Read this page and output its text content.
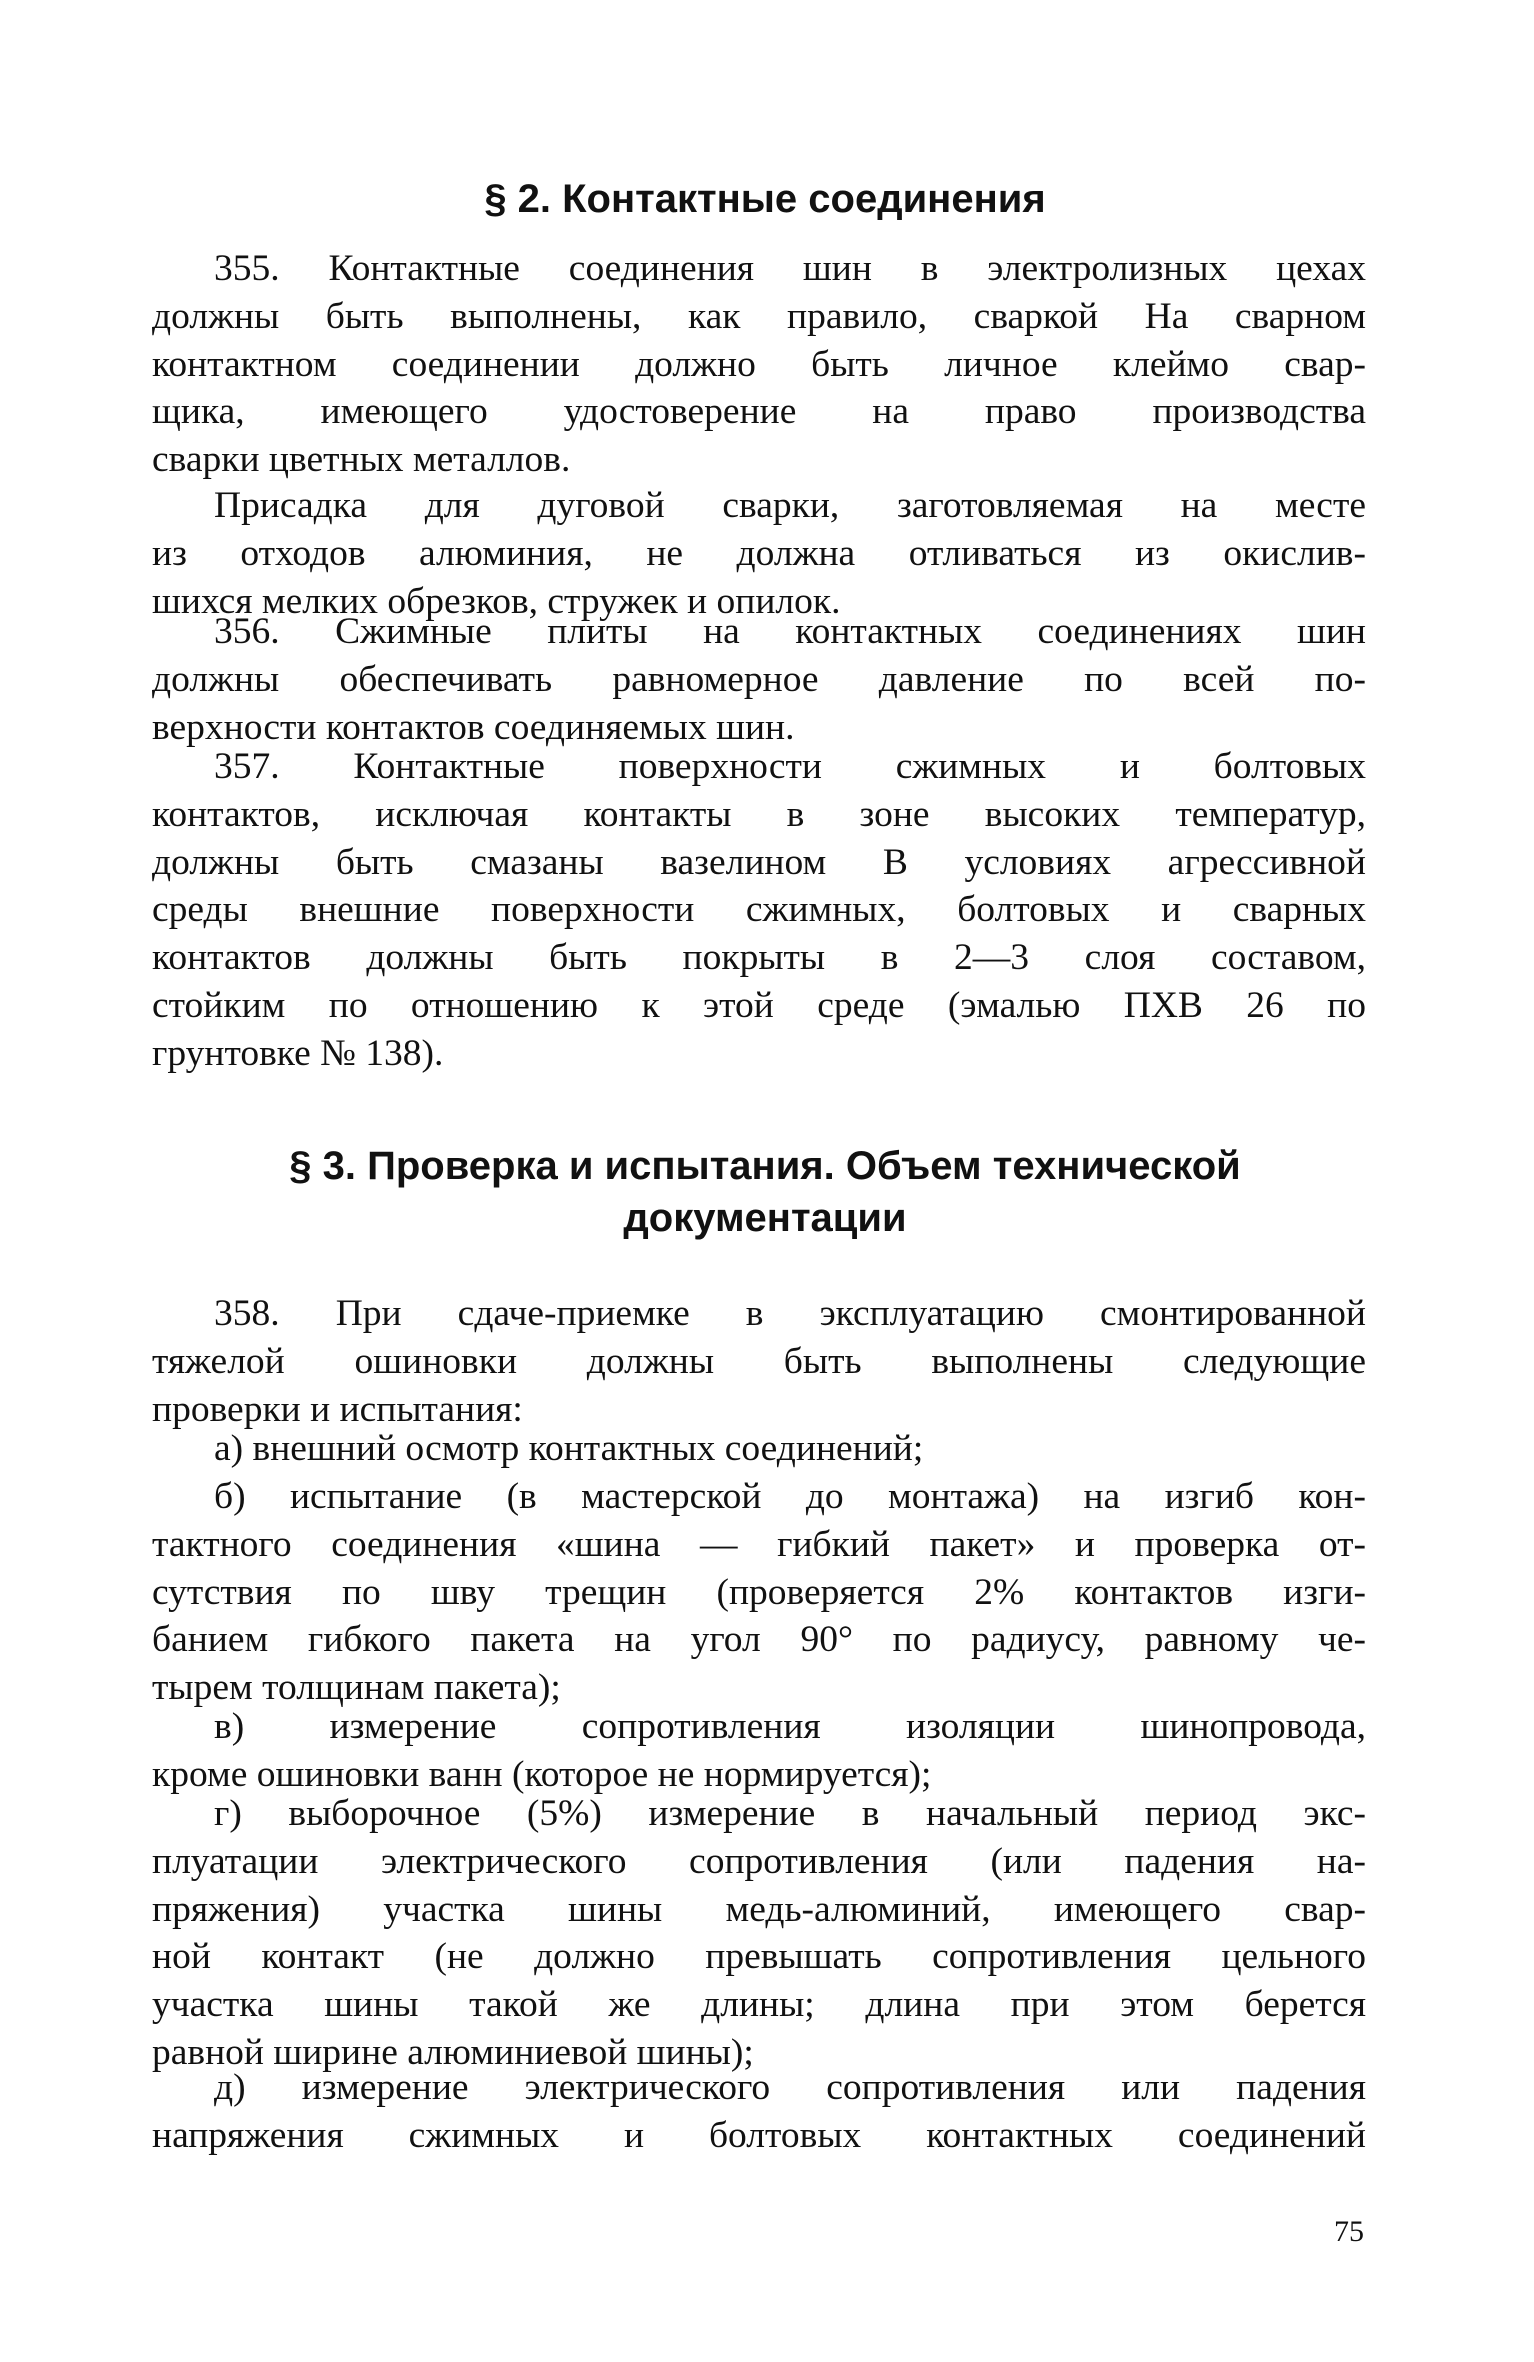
§ 2. Контактные соединения
355. Контактные соединения шин в электролизных цехах
должны быть выполнены, как правило, сваркой На сварном
контактном соединении должно быть личное клеймо свар-
щика, имеющего удостоверение на право производства
сварки цветных металлов.
Присадка для дуговой сварки, заготовляемая на месте
из отходов алюминия, не должна отливаться из окислив-
шихся мелких обрезков, стружек и опилок.
356. Сжимные плиты на контактных соединениях шин
должны обеспечивать равномерное давление по всей по-
верхности контактов соединяемых шин.
357. Контактные поверхности сжимных и болтовых
контактов, исключая контакты в зоне высоких температур,
должны быть смазаны вазелином В условиях агрессивной
среды внешние поверхности сжимных, болтовых и сварных
контактов должны быть покрыты в 2—3 слоя составом,
стойким по отношению к этой среде (эмалью ПХВ 26 по
грунтовке № 138).
§ 3. Проверка и испытания. Объем технической
документации
358. При сдаче-приемке в эксплуатацию смонтированной
тяжелой ошиновки должны быть выполнены следующие
проверки и испытания:
а) внешний осмотр контактных соединений;
б) испытание (в мастерской до монтажа) на изгиб кон-
тактного соединения «шина — гибкий пакет» и проверка от-
сутствия по шву трещин (проверяется 2% контактов изги-
банием гибкого пакета на угол 90° по радиусу, равному че-
тырем толщинам пакета);
в) измерение сопротивления изоляции шинопровода,
кроме ошиновки ванн (которое не нормируется);
г) выборочное (5%) измерение в начальный период экс-
плуатации электрического сопротивления (или падения на-
пряжения) участка шины медь-алюминий, имеющего свар-
ной контакт (не должно превышать сопротивления цельного
участка шины такой же длины; длина при этом берется
равной ширине алюминиевой шины);
д) измерение электрического сопротивления или падения
напряжения сжимных и болтовых контактных соединений
75
